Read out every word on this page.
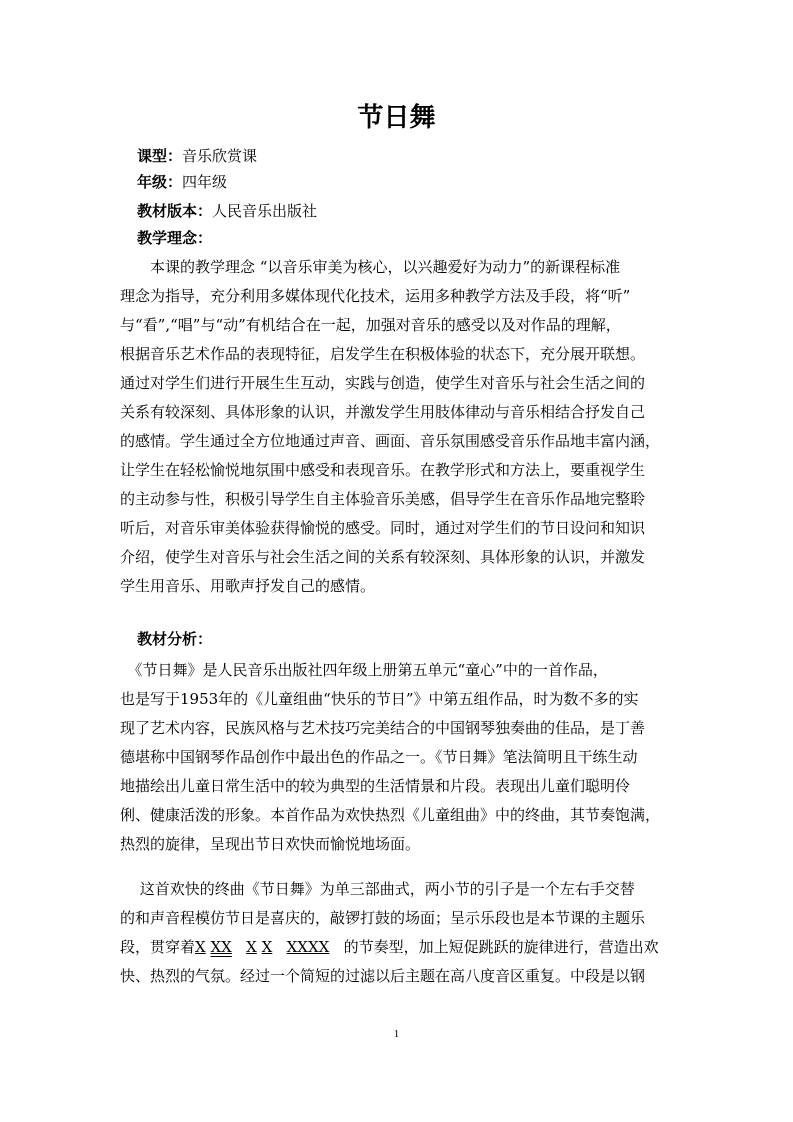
节日舞
课型：音乐欣赏课
年级：四年级
教材版本：人民音乐出版社
教学理念：
　　本课的教学理念 “以音乐审美为核心，以兴趣爱好为动力”的新课程标准
理念为指导，充分利用多媒体现代化技术，运用多种教学方法及手段，将“听”
与“看”,“唱”与“动”有机结合在一起，加强对音乐的感受以及对作品的理解，
根据音乐艺术作品的表现特征，启发学生在积极体验的状态下，充分展开联想。
通过对学生们进行开展生生互动，实践与创造，使学生对音乐与社会生活之间的
关系有较深刻、具体形象的认识，并激发学生用肢体律动与音乐相结合抒发自己
的感情。学生通过全方位地通过声音、画面、音乐氛围感受音乐作品地丰富内涵，
让学生在轻松愉悦地氛围中感受和表现音乐。在教学形式和方法上，要重视学生
的主动参与性，积极引导学生自主体验音乐美感，倡导学生在音乐作品地完整聆
听后，对音乐审美体验获得愉悦的感受。同时，通过对学生们的节日设问和知识
介绍，使学生对音乐与社会生活之间的关系有较深刻、具体形象的认识，并激发
学生用音乐、用歌声抒发自己的感情。
教材分析：
　《节日舞》是人民音乐出版社四年级上册第五单元“童心”中的一首作品，
也是写于1953年的《儿童组曲“快乐的节日”》中第五组作品，时为数不多的实
现了艺术内容，民族风格与艺术技巧完美结合的中国钢琴独奏曲的佳品，是丁善
德堪称中国钢琴作品创作中最出色的作品之一。《节日舞》笔法简明且干练生动
地描绘出儿童日常生活中的较为典型的生活情景和片段。表现出儿童们聪明伶
俐、健康活泼的形象。本首作品为欢快热烈《儿童组曲》中的终曲，其节奏饱满，
热烈的旋律，呈现出节日欢快而愉悦地场面。
　 这首欢快的终曲《节日舞》为单三部曲式，两小节的引子是一个左右手交替
的和声音程模仿节日是喜庆的，敲锣打鼓的场面；呈示乐段也是本节课的主题乐
段，贯穿着X XX X X XXXX 的节奏型，加上短促跳跃的旋律进行，营造出欢
快、热烈的气氛。经过一个简短的过滤以后主题在高八度音区重复。中段是以钢
1
